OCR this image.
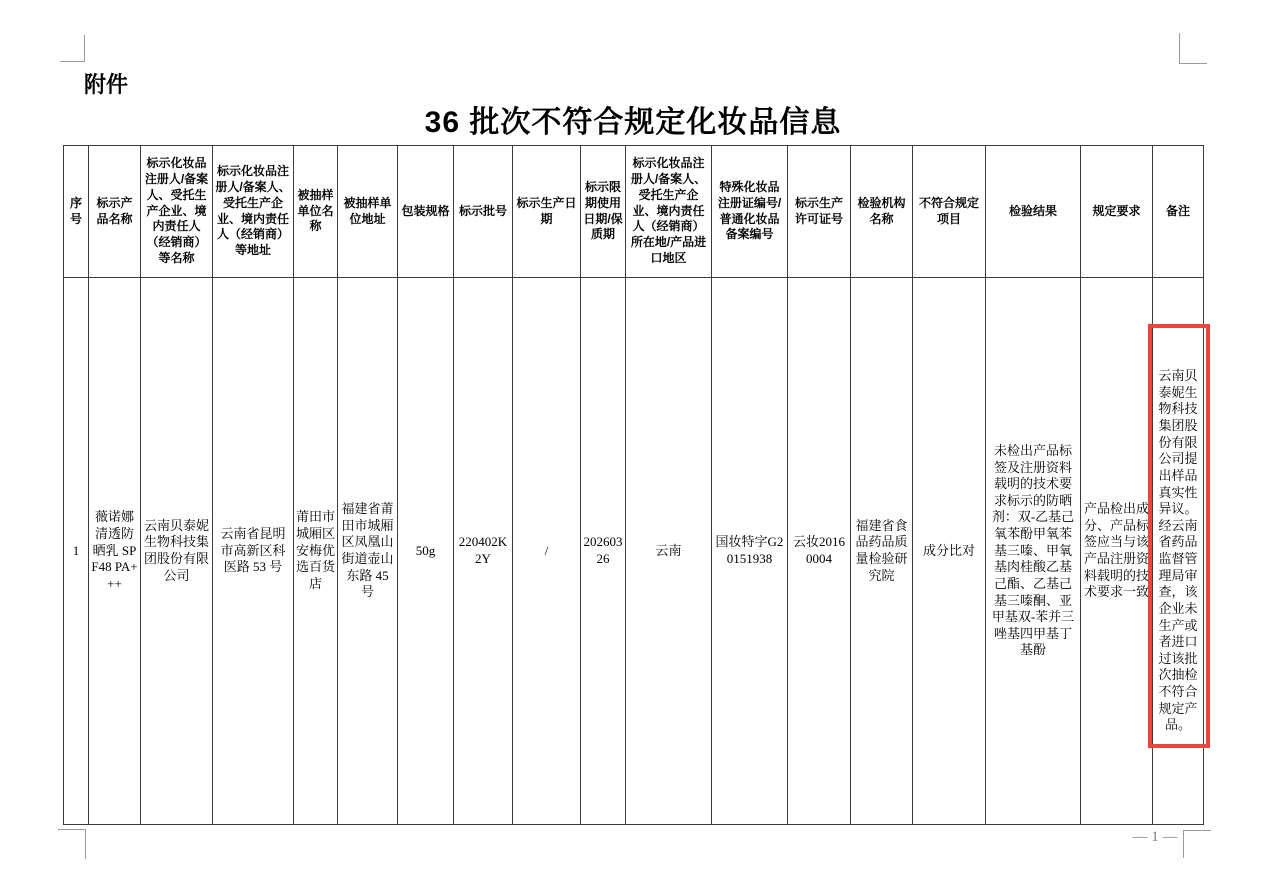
附件
36 批次不符合规定化妆品信息
序号	标示产品名称	标示化妆品注册人/备案人、受托生产企业、境内责任人（经销商）等名称	标示化妆品注册人/备案人、受托生产企业、境内责任人（经销商）等地址	被抽样单位名称	被抽样单位地址	包装规格	标示批号	标示生产日期	标示限期使用日期/保质期	标示化妆品注册人/备案人、受托生产企业、境内责任人（经销商）所在地/产品进口地区	特殊化妆品注册证编号/普通化妆品备案编号	标示生产许可证号	检验机构名称	不符合规定项目	检验结果	规定要求	备注
1	薇诺娜清透防晒乳 SPF48 PA+++	云南贝泰妮生物科技集团股份有限公司	云南省昆明市高新区科医路 53 号	莆田市城厢区安梅优选百货店	福建省莆田市城厢区凤凰山街道壶山东路 45 号	50g	220402K2Y	/	20260326	云南	国妆特字G20151938	云妆20160004	福建省食品药品质量检验研究院	成分比对	未检出产品标签及注册资料载明的技术要求标示的防晒剂：双-乙基己氧苯酚甲氧苯基三嗪、甲氧基肉桂酸乙基己酯、乙基己基三嗪酮、亚甲基双-苯并三唑基四甲基丁基酚	产品检出成分、产品标签应当与该产品注册资料载明的技术要求一致	云南贝泰妮生物科技集团股份有限公司提出样品真实性异议。经云南省药品监督管理局审查，该企业未生产或者进口过该批次抽检不符合规定产品。
— 1 —
